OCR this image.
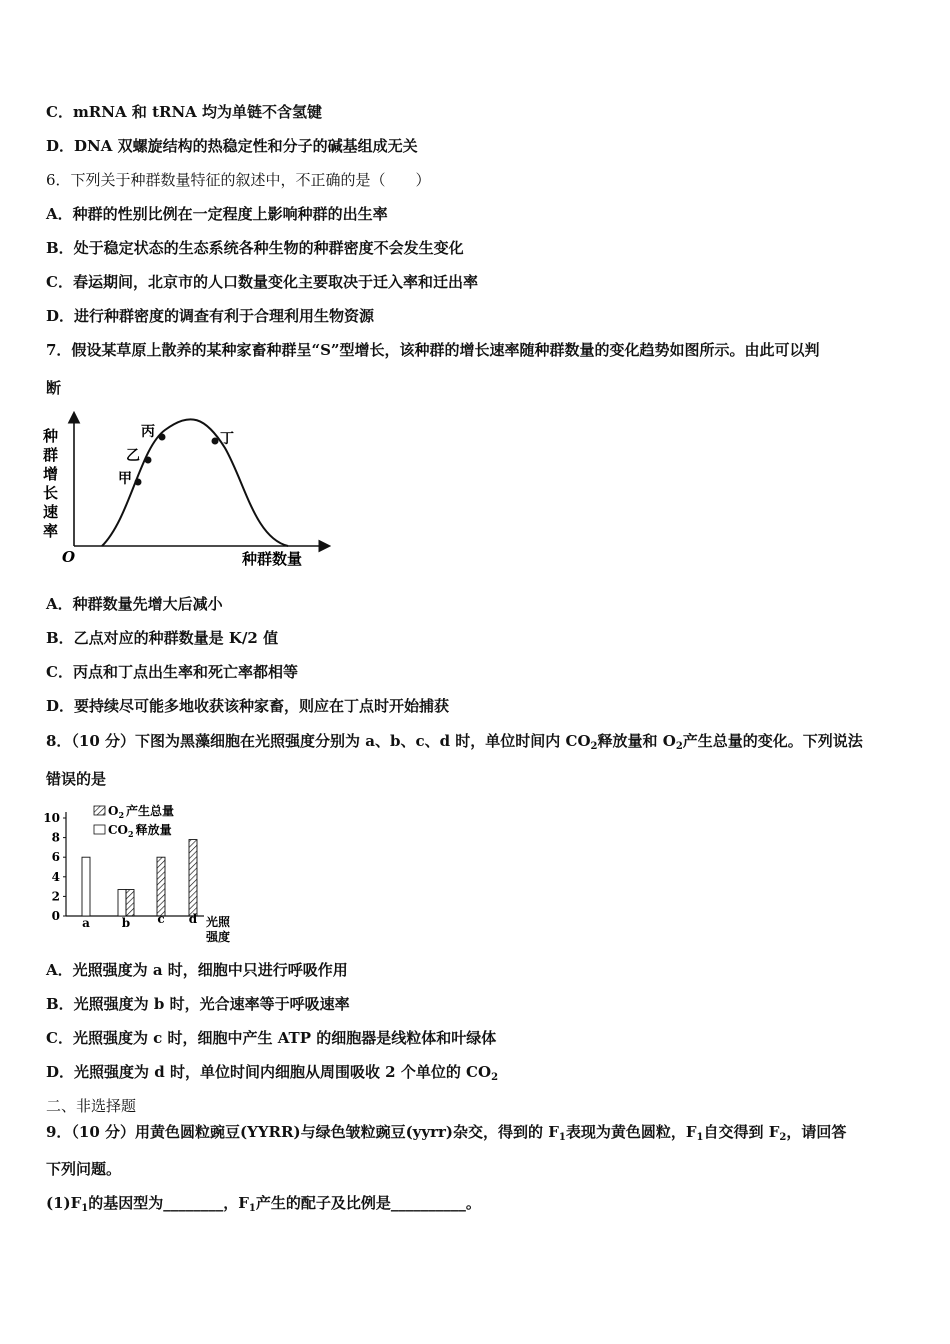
C．mRNA 和 tRNA 均为单链不含氢键
D．DNA 双螺旋结构的热稳定性和分子的碱基组成无关
6．下列关于种群数量特征的叙述中，不正确的是（　　）
A．种群的性别比例在一定程度上影响种群的出生率
B．处于稳定状态的生态系统各种生物的种群密度不会发生变化
C．春运期间，北京市的人口数量变化主要取决于迁入率和迁出率
D．进行种群密度的调查有利于合理利用生物资源
7．假设某草原上散养的某种家畜种群呈“S”型增长，该种群的增长速率随种群数量的变化趋势如图所示。由此可以判
断
甲
乙
丙	丁
O	种群数量
种群增长速率
A．种群数量先增大后减小
B．乙点对应的种群数量是 K/2 值
C．丙点和丁点出生率和死亡率都相等
D．要持续尽可能多地收获该种家畜，则应在丁点时开始捕获
8．（10 分）下图为黑藻细胞在光照强度分别为 a、b、c、d 时，单位时间内 $CO_2$释放量和 $O_2$产生总量的变化。下列说法
错误的是
0
2
4
6
8
10
a	b c d
$O_2$ 产生总量
$CO_2$ 释放量
光照
强度
A．光照强度为 a 时，细胞中只进行呼吸作用
B．光照强度为 b 时，光合速率等于呼吸速率
C．光照强度为 c 时，细胞中产生 ATP 的细胞器是线粒体和叶绿体
D．光照强度为 d 时，单位时间内细胞从周围吸收 2 个单位的 $CO_2$
二、非选择题
9．（10 分）用黄色圆粒豌豆(YYRR)与绿色皱粒豌豆(yyrr)杂交，得到的 $F_1$表现为黄色圆粒，$F_1$自交得到 $F_2$，请回答
下列问题。
$(1)F_1$的基因型为________，$F_1$产生的配子及比例是__________。
